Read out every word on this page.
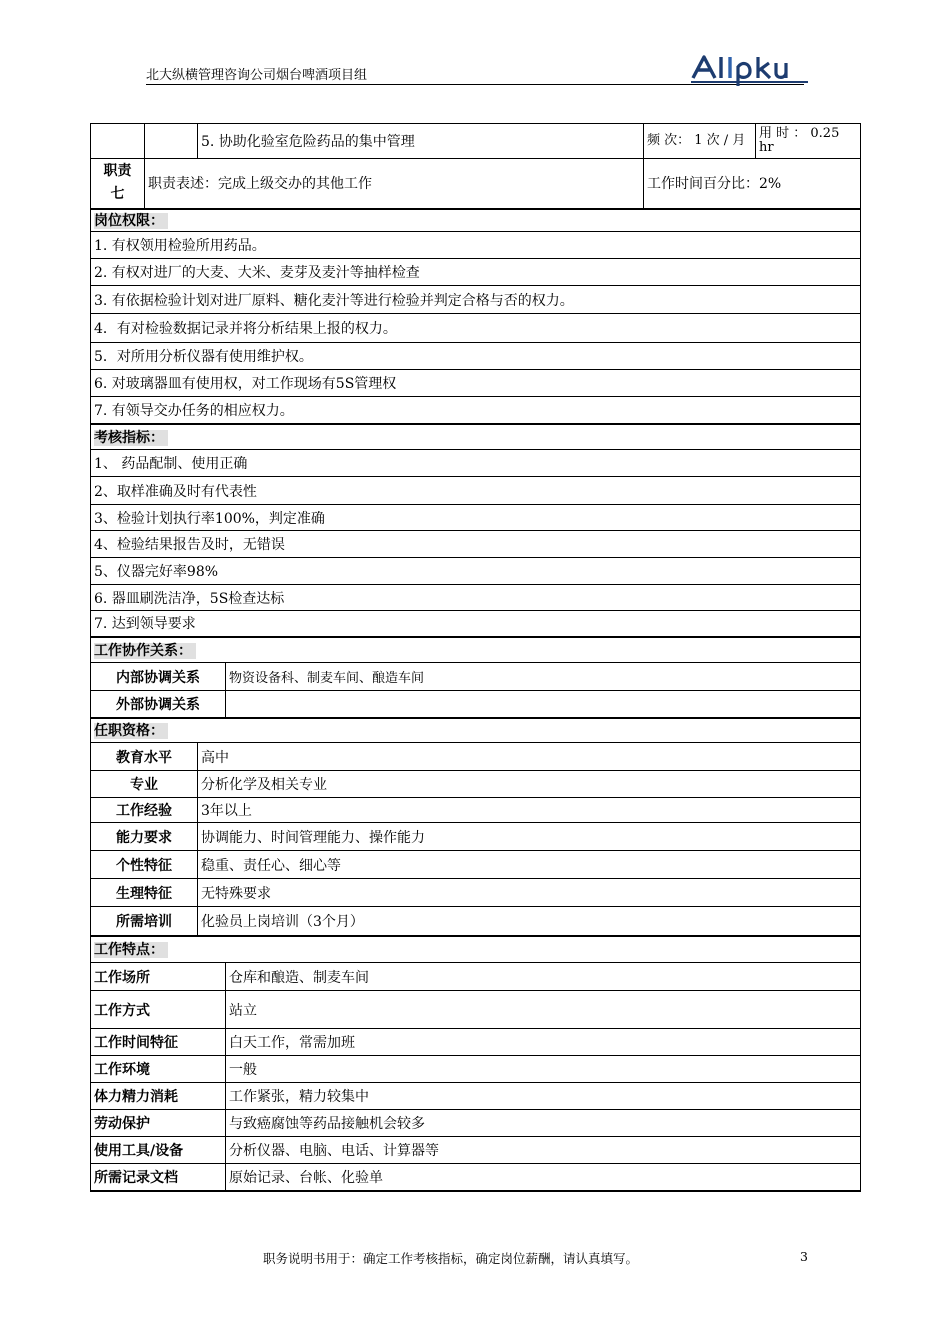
北大纵横管理咨询公司烟台啤酒项目组
		5. 协助化验室危险药品的集中管理		频 次： 1 次 / 月	用 时 ： 0.25 hr
职责七	职责表述：完成上级交办的其他工作			工作时间百分比：2%	
岗位权限：					
1. 有权领用检验所用药品。					
2. 有权对进厂的大麦、大米、麦芽及麦汁等抽样检查					
3. 有依据检验计划对进厂原料、糖化麦汁等进行检验并判定合格与否的权力。					
4．有对检验数据记录并将分析结果上报的权力。					
5．对所用分析仪器有使用维护权。					
6. 对玻璃器皿有使用权，对工作现场有5S管理权					
7. 有领导交办任务的相应权力。					
考核指标：					
1、 药品配制、使用正确					
2、取样准确及时有代表性					
3、检验计划执行率100%，判定准确					
4、检验结果报告及时，无错误					
5、仪器完好率98%					
6. 器皿刷洗洁净，5S检查达标					
7. 达到领导要求					
工作协作关系：					
内部协调关系			物资设备科、制麦车间、酿造车间		
外部协调关系					
任职资格：					
教育水平		高中			
专业		分析化学及相关专业			
工作经验		3年以上			
能力要求		协调能力、时间管理能力、操作能力			
个性特征		稳重、责任心、细心等			
生理特征		无特殊要求			
所需培训		化验员上岗培训（3个月）			
工作特点：					
工作场所			仓库和酿造、制麦车间		
工作方式			站立		
工作时间特征			白天工作，常需加班		
工作环境			一般		
体力精力消耗			工作紧张，精力较集中		
劳动保护			与致癌腐蚀等药品接触机会较多		
使用工具/设备			分析仪器、电脑、电话、计算器等		
所需记录文档			原始记录、台帐、化验单		
职务说明书用于：确定工作考核指标，确定岗位薪酬，请认真填写。	3
